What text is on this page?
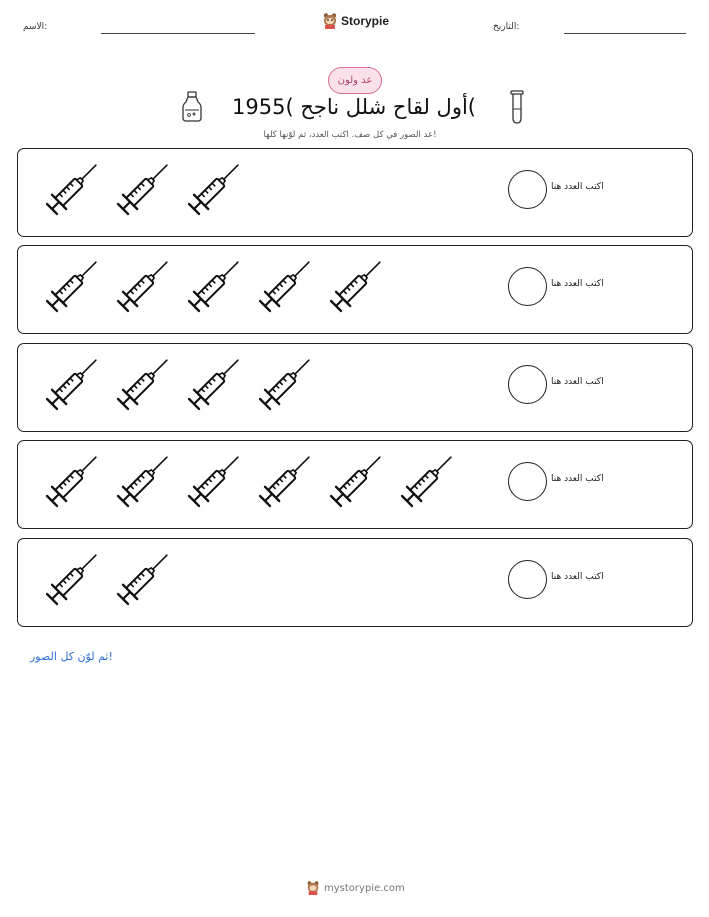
الاسم:	Storypie	التاريخ:
عد ولون
أول لقاح شلل ناجح )1955(
عد الصور في كل صف. اكتب العدد، ثم لوّنها كلها!
اكتب العدد هنا
اكتب العدد هنا
اكتب العدد هنا
اكتب العدد هنا
اكتب العدد هنا
ثم لوّن كل الصور!
mystorypie.com
